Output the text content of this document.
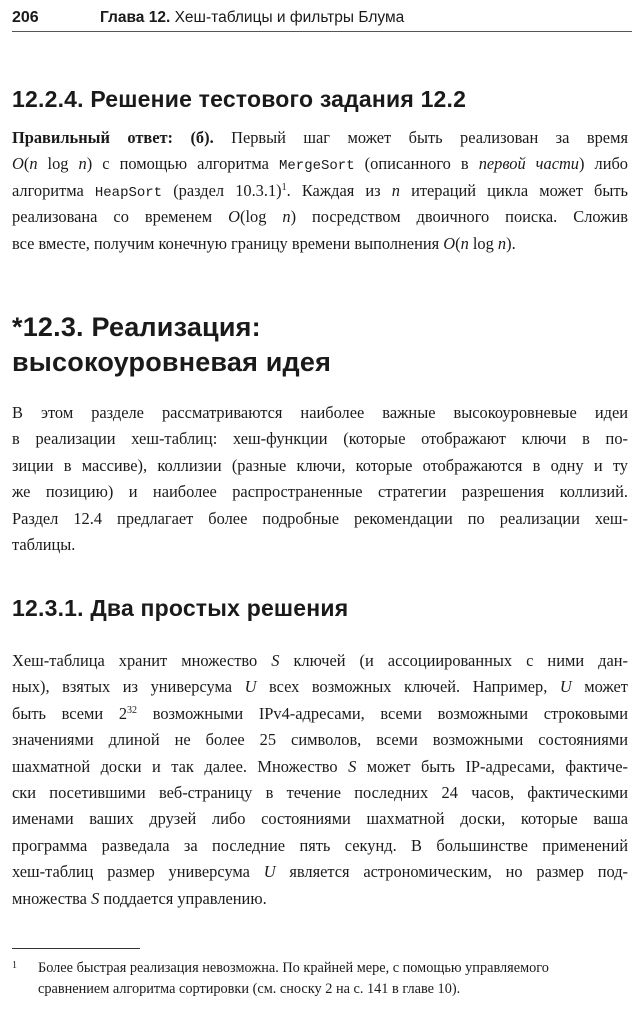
206	Глава 12. Хеш-таблицы и фильтры Блума
12.2.4. Решение тестового задания 12.2
Правильный ответ: (б). Первый шаг может быть реализован за время
O(n log n) с помощью алгоритма MergeSort (описанного в первой части) либо
алгоритма HeapSort (раздел 10.3.1)$^1$. Каждая из n итераций цикла может быть
реализована со временем O(log n) посредством двоичного поиска. Сложив
все вместе, получим конечную границу времени выполнения O(n log n).
*12.3. Реализация:
высокоуровневая идея
В этом разделе рассматриваются наиболее важные высокоуровневые идеи
в реализации хеш-таблиц: хеш-функции (которые отображают ключи в по-
зиции в массиве), коллизии (разные ключи, которые отображаются в одну и ту
же позицию) и наиболее распространенные стратегии разрешения коллизий.
Раздел 12.4 предлагает более подробные рекомендации по реализации хеш-
таблицы.
12.3.1. Два простых решения
Хеш-таблица хранит множество S ключей (и ассоциированных с ними дан-
ных), взятых из универсума U всех возможных ключей. Например, U может
быть всеми $2^{32}$ возможными IPv4-адресами, всеми возможными строковыми
значениями длиной не более 25 символов, всеми возможными состояниями
шахматной доски и так далее. Множество S может быть IP-адресами, фактиче-
ски посетившими веб-страницу в течение последних 24 часов, фактическими
именами ваших друзей либо состояниями шахматной доски, которые ваша
программа разведала за последние пять секунд. В большинстве применений
хеш-таблиц размер универсума U является астрономическим, но размер под-
множества S поддается управлению.
1 Более быстрая реализация невозможна. По крайней мере, с помощью управляемого
сравнением алгоритма сортировки (см. сноску 2 на с. 141 в главе 10).
